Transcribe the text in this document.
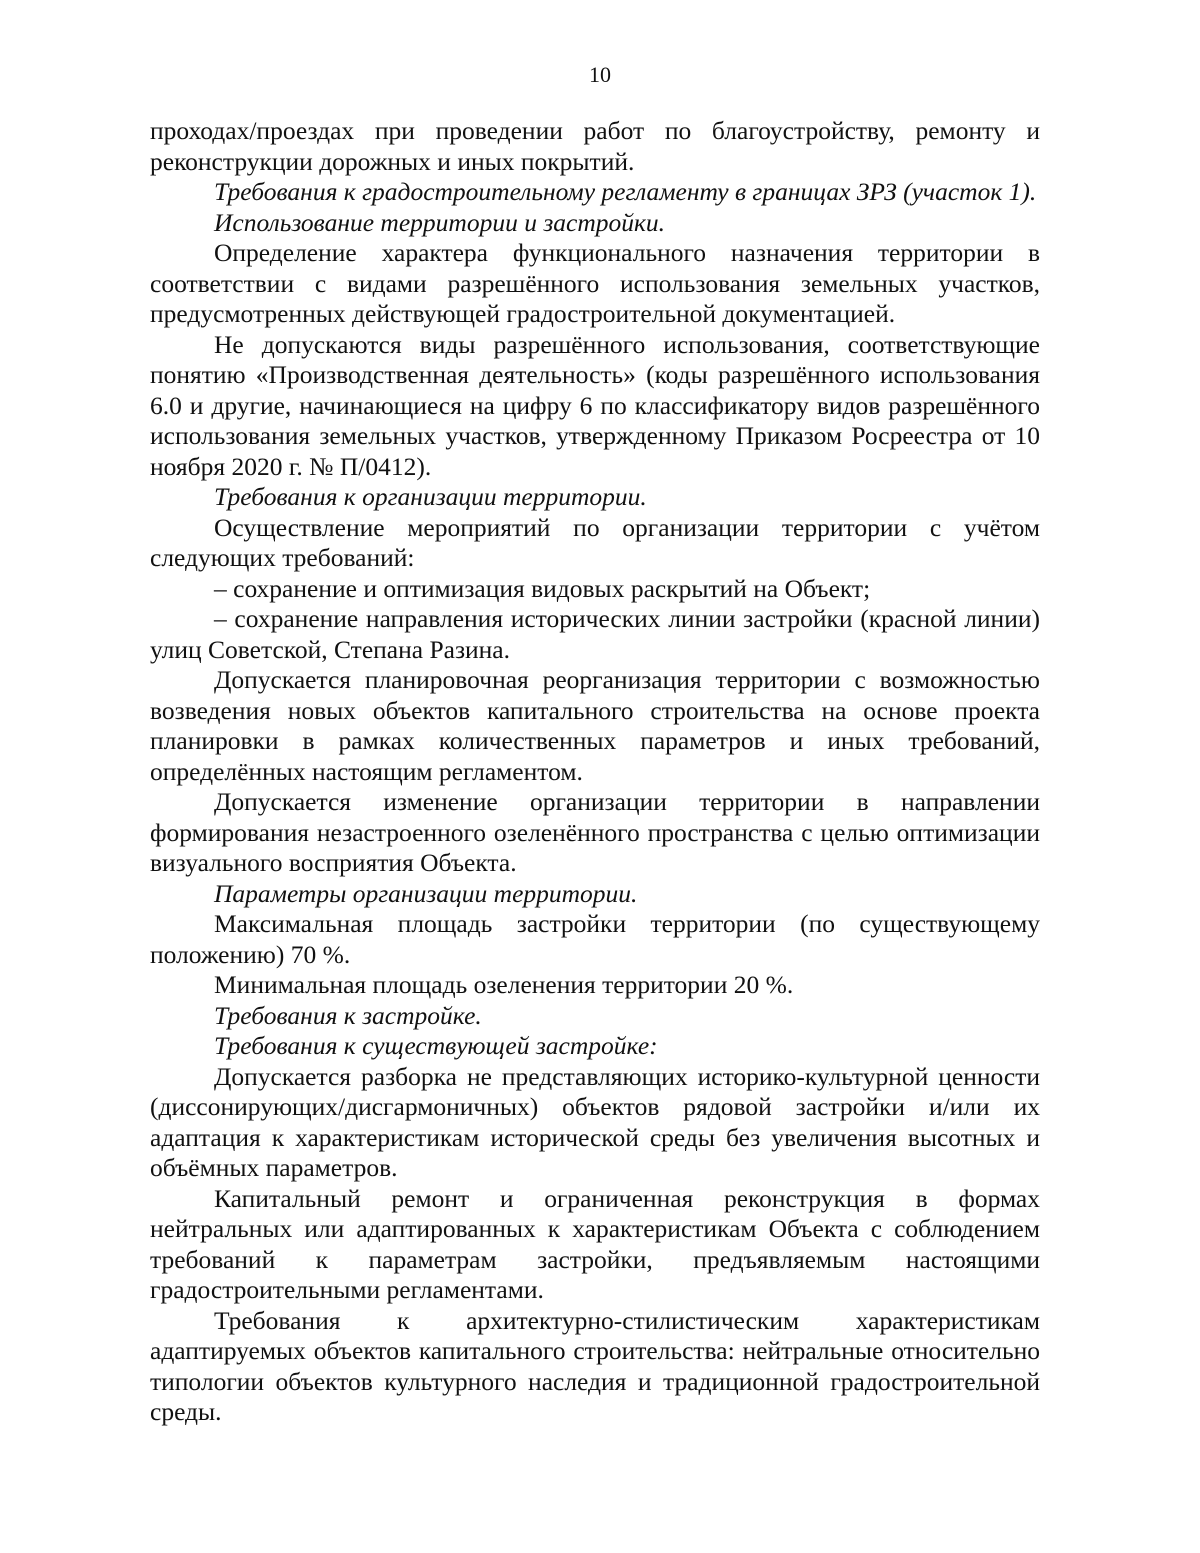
10

проходах/проездах при проведении работ по благоустройству, ремонту и реконструкции дорожных и иных покрытий.

Требования к градостроительному регламенту в границах ЗРЗ (участок 1).

Использование территории и застройки.

Определение характера функционального назначения территории в соответствии с видами разрешённого использования земельных участков, предусмотренных действующей градостроительной документацией.

Не допускаются виды разрешённого использования, соответствующие понятию «Производственная деятельность» (коды разрешённого использования 6.0 и другие, начинающиеся на цифру 6 по классификатору видов разрешённого использования земельных участков, утвержденному Приказом Росреестра от 10 ноября 2020 г. № П/0412).

Требования к организации территории.

Осуществление мероприятий по организации территории с учётом следующих требований:

– сохранение и оптимизация видовых раскрытий на Объект;

– сохранение направления исторических линии застройки (красной линии) улиц Советской, Степана Разина.

Допускается планировочная реорганизация территории с возможностью возведения новых объектов капитального строительства на основе проекта планировки в рамках количественных параметров и иных требований, определённых настоящим регламентом.

Допускается изменение организации территории в направлении формирования незастроенного озеленённого пространства с целью оптимизации визуального восприятия Объекта.

Параметры организации территории.

Максимальная площадь застройки территории (по существующему положению) 70 %.

Минимальная площадь озеленения территории 20 %.

Требования к застройке.

Требования к существующей застройке:

Допускается разборка не представляющих историко-культурной ценности (диссонирующих/дисгармоничных) объектов рядовой застройки и/или их адаптация к характеристикам исторической среды без увеличения высотных и объёмных параметров.

Капитальный ремонт и ограниченная реконструкция в формах нейтральных или адаптированных к характеристикам Объекта с соблюдением требований к параметрам застройки, предъявляемым настоящими градостроительными регламентами.

Требования к архитектурно-стилистическим характеристикам адаптируемых объектов капитального строительства: нейтральные относительно типологии объектов культурного наследия и традиционной градостроительной среды.
